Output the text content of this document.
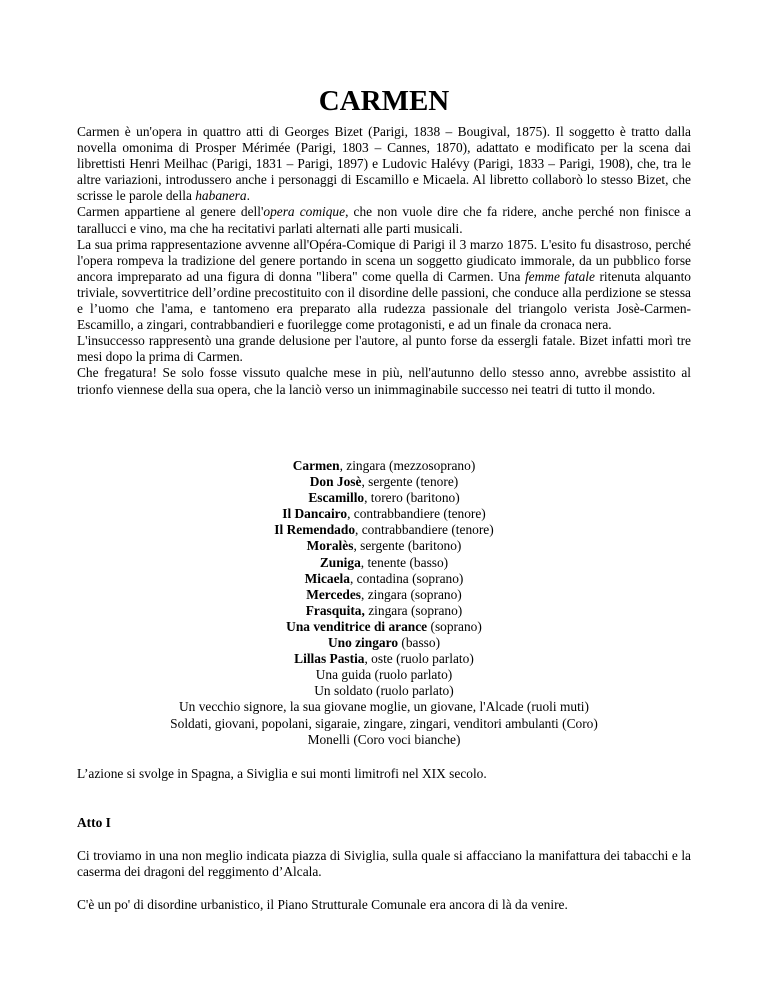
CARMEN

Carmen è un'opera in quattro atti di Georges Bizet (Parigi, 1838 – Bougival, 1875). Il soggetto è tratto dalla novella omonima di Prosper Mérimée (Parigi, 1803 – Cannes, 1870), adattato e modificato per la scena dai librettisti Henri Meilhac (Parigi, 1831 – Parigi, 1897) e Ludovic Halévy (Parigi, 1833 – Parigi, 1908), che, tra le altre variazioni, introdussero anche i personaggi di Escamillo e Micaela. Al libretto collaborò lo stesso Bizet, che scrisse le parole della habanera.

Carmen appartiene al genere dell'opera comique, che non vuole dire che fa ridere, anche perché non finisce a tarallucci e vino, ma che ha recitativi parlati alternati alle parti musicali.

La sua prima rappresentazione avvenne all'Opéra-Comique di Parigi il 3 marzo 1875. L'esito fu disastroso, perché l'opera rompeva la tradizione del genere portando in scena un soggetto giudicato immorale, da un pubblico forse ancora impreparato ad una figura di donna "libera" come quella di Carmen. Una femme fatale ritenuta alquanto triviale, sovvertitrice dell’ordine precostituito con il disordine delle passioni, che conduce alla perdizione se stessa e l’uomo che l'ama, e tantomeno era preparato alla rudezza passionale del triangolo verista Josè-Carmen-Escamillo, a zingari, contrabbandieri e fuorilegge come protagonisti, e ad un finale da cronaca nera.

L'insuccesso rappresentò una grande delusione per l'autore, al punto forse da essergli fatale. Bizet infatti morì tre mesi dopo la prima di Carmen.

Che fregatura! Se solo fosse vissuto qualche mese in più, nell'autunno dello stesso anno, avrebbe assistito al trionfo viennese della sua opera, che la lanciò verso un inimmaginabile successo nei teatri di tutto il mondo.

Carmen, zingara (mezzosoprano)
Don Josè, sergente (tenore)
Escamillo, torero (baritono)
Il Dancairo, contrabbandiere (tenore)
Il Remendado, contrabbandiere (tenore)
Moralès, sergente (baritono)
Zuniga, tenente (basso)
Micaela, contadina (soprano)
Mercedes, zingara (soprano)
Frasquita, zingara (soprano)
Una venditrice di arance (soprano)
Uno zingaro (basso)
Lillas Pastia, oste (ruolo parlato)
Una guida (ruolo parlato)
Un soldato (ruolo parlato)
Un vecchio signore, la sua giovane moglie, un giovane, l'Alcade (ruoli muti)
Soldati, giovani, popolani, sigaraie, zingare, zingari, venditori ambulanti (Coro)
Monelli (Coro voci bianche)

L’azione si svolge in Spagna, a Siviglia e sui monti limitrofi nel XIX secolo.

Atto I

Ci troviamo in una non meglio indicata piazza di Siviglia, sulla quale si affacciano la manifattura dei tabacchi e la caserma dei dragoni del reggimento d’Alcala.

C'è un po' di disordine urbanistico, il Piano Strutturale Comunale era ancora di là da venire.
